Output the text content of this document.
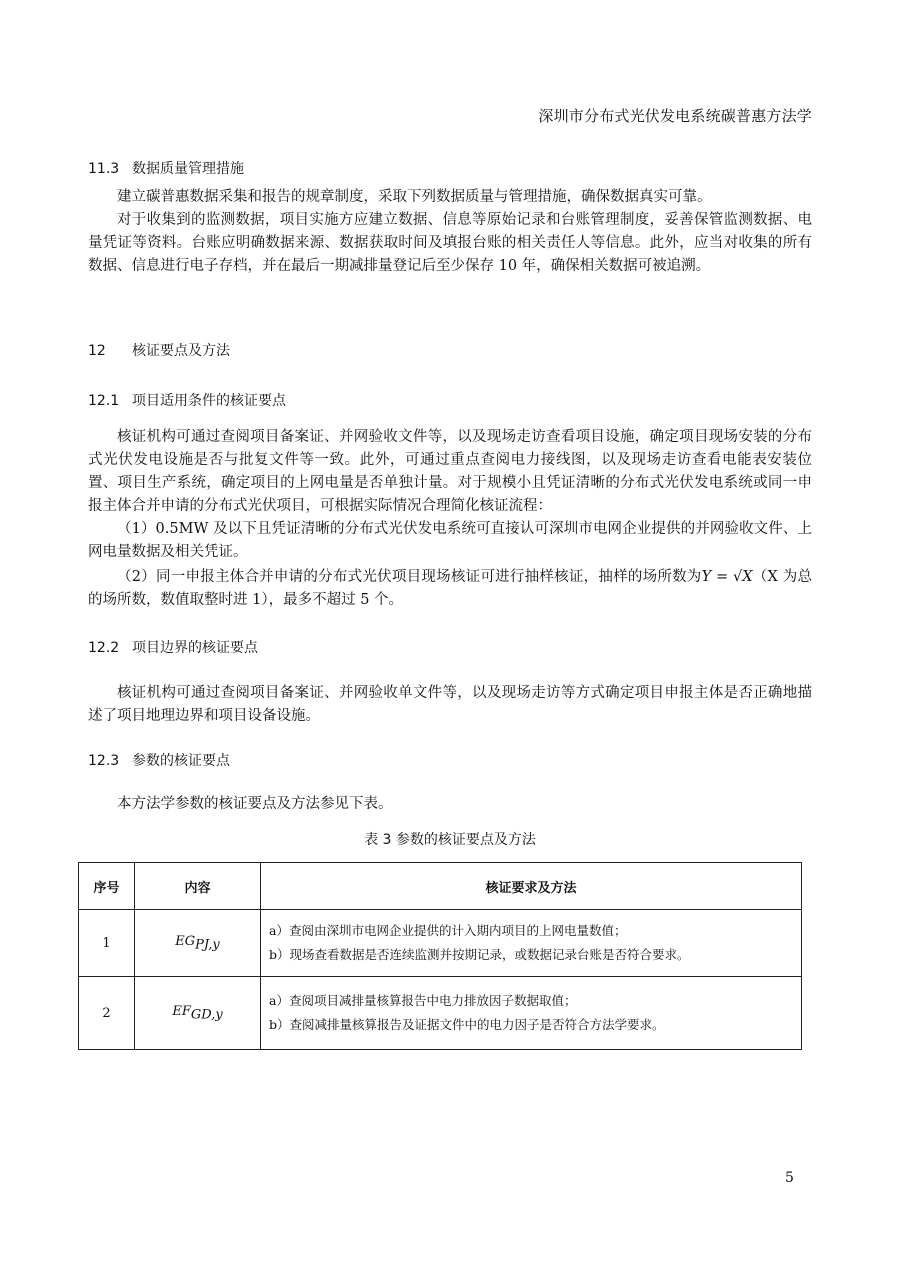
深圳市分布式光伏发电系统碳普惠方法学
11.3 数据质量管理措施
建立碳普惠数据采集和报告的规章制度，采取下列数据质量与管理措施，确保数据真实可靠。
对于收集到的监测数据，项目实施方应建立数据、信息等原始记录和台账管理制度，妥善保管监测数据、电量凭证等资料。台账应明确数据来源、数据获取时间及填报台账的相关责任人等信息。此外，应当对收集的所有数据、信息进行电子存档，并在最后一期减排量登记后至少保存 10 年，确保相关数据可被追溯。
12 核证要点及方法
12.1 项目适用条件的核证要点
核证机构可通过查阅项目备案证、并网验收文件等，以及现场走访查看项目设施，确定项目现场安装的分布式光伏发电设施是否与批复文件等一致。此外，可通过重点查阅电力接线图，以及现场走访查看电能表安装位置、项目生产系统，确定项目的上网电量是否单独计量。对于规模小且凭证清晰的分布式光伏发电系统或同一申报主体合并申请的分布式光伏项目，可根据实际情况合理简化核证流程：
（1）0.5MW 及以下且凭证清晰的分布式光伏发电系统可直接认可深圳市电网企业提供的并网验收文件、上网电量数据及相关凭证。
（2）同一申报主体合并申请的分布式光伏项目现场核证可进行抽样核证，抽样的场所数为Y = √X（X 为总的场所数，数值取整时进 1），最多不超过 5 个。
12.2 项目边界的核证要点
核证机构可通过查阅项目备案证、并网验收单文件等，以及现场走访等方式确定项目申报主体是否正确地描述了项目地理边界和项目设备设施。
12.3 参数的核证要点
本方法学参数的核证要点及方法参见下表。
表 3 参数的核证要点及方法
序号	内容	核证要求及方法
1	$EG_{PJ,y}$	a）查阅由深圳市电网企业提供的计入期内项目的上网电量数值；
b）现场查看数据是否连续监测并按期记录，或数据记录台账是否符合要求。

2	$EF_{GD,y}$	a）查阅项目减排量核算报告中电力排放因子数据取值；
b）查阅减排量核算报告及证据文件中的电力因子是否符合方法学要求。
5
